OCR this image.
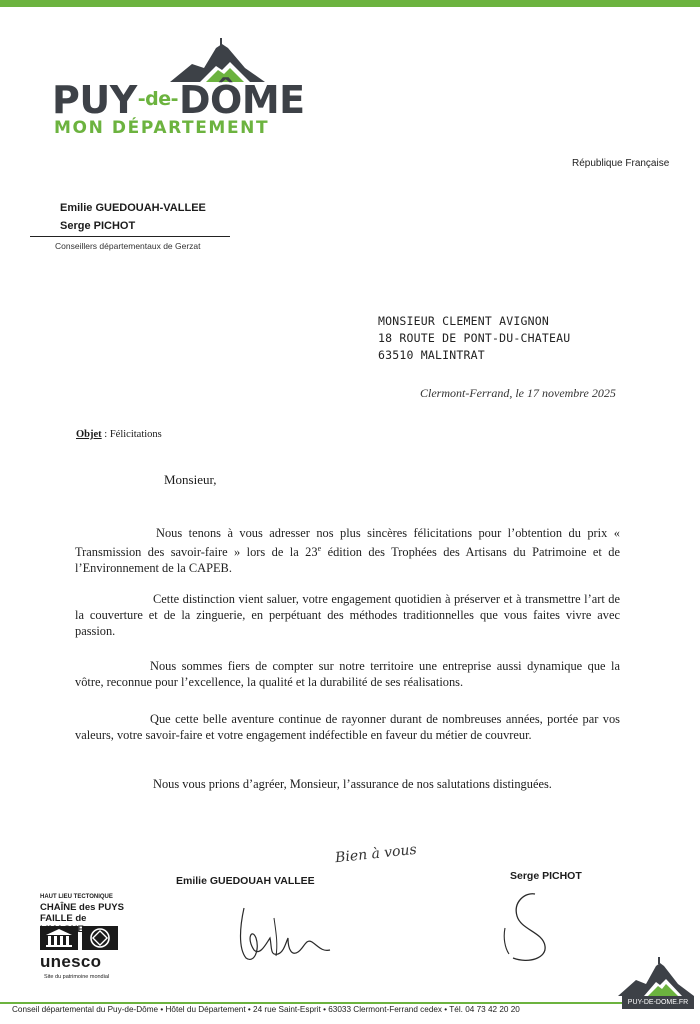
$PUY^{-de-}DÔME$
MON DÉPARTEMENT
République Française
Emilie GUEDOUAH-VALLEE
Serge PICHOT
Conseillers départementaux de Gerzat
MONSIEUR CLEMENT AVIGNON
18 ROUTE DE PONT-DU-CHATEAU
63510 MALINTRAT
Clermont-Ferrand, le 17 novembre 2025
Objet : Félicitations
Monsieur,
Nous tenons à vous adresser nos plus sincères félicitations pour l’obtention du prix « Transmission des savoir-faire » lors de la 23e édition des Trophées des Artisans du Patrimoine et de l’Environnement de la CAPEB.
Cette distinction vient saluer, votre engagement quotidien à préserver et à transmettre l’art de la couverture et de la zinguerie, en perpétuant des méthodes traditionnelles que vous faites vivre avec passion.
Nous sommes fiers de compter sur notre territoire une entreprise aussi dynamique que la vôtre, reconnue pour l’excellence, la qualité et la durabilité de ses réalisations.
Que cette belle aventure continue de rayonner durant de nombreuses années, portée par vos valeurs, votre savoir-faire et votre engagement indéfectible en faveur du métier de couvreur.
Nous vous prions d’agréer, Monsieur, l’assurance de nos salutations distinguées.
Emilie GUEDOUAH VALLEE	Serge PICHOT
Bien à vous
HAUT LIEU TECTONIQUE
CHAÎNE des PUYS
FAILLE de
unesco
Site du patrimoine mondial
Conseil départemental du Puy-de-Dôme • Hôtel du Département • 24 rue Saint-Esprit • 63033 Clermont-Ferrand cedex • Tél. 04 73 42 20 20
PUY-DE-DOME.FR
